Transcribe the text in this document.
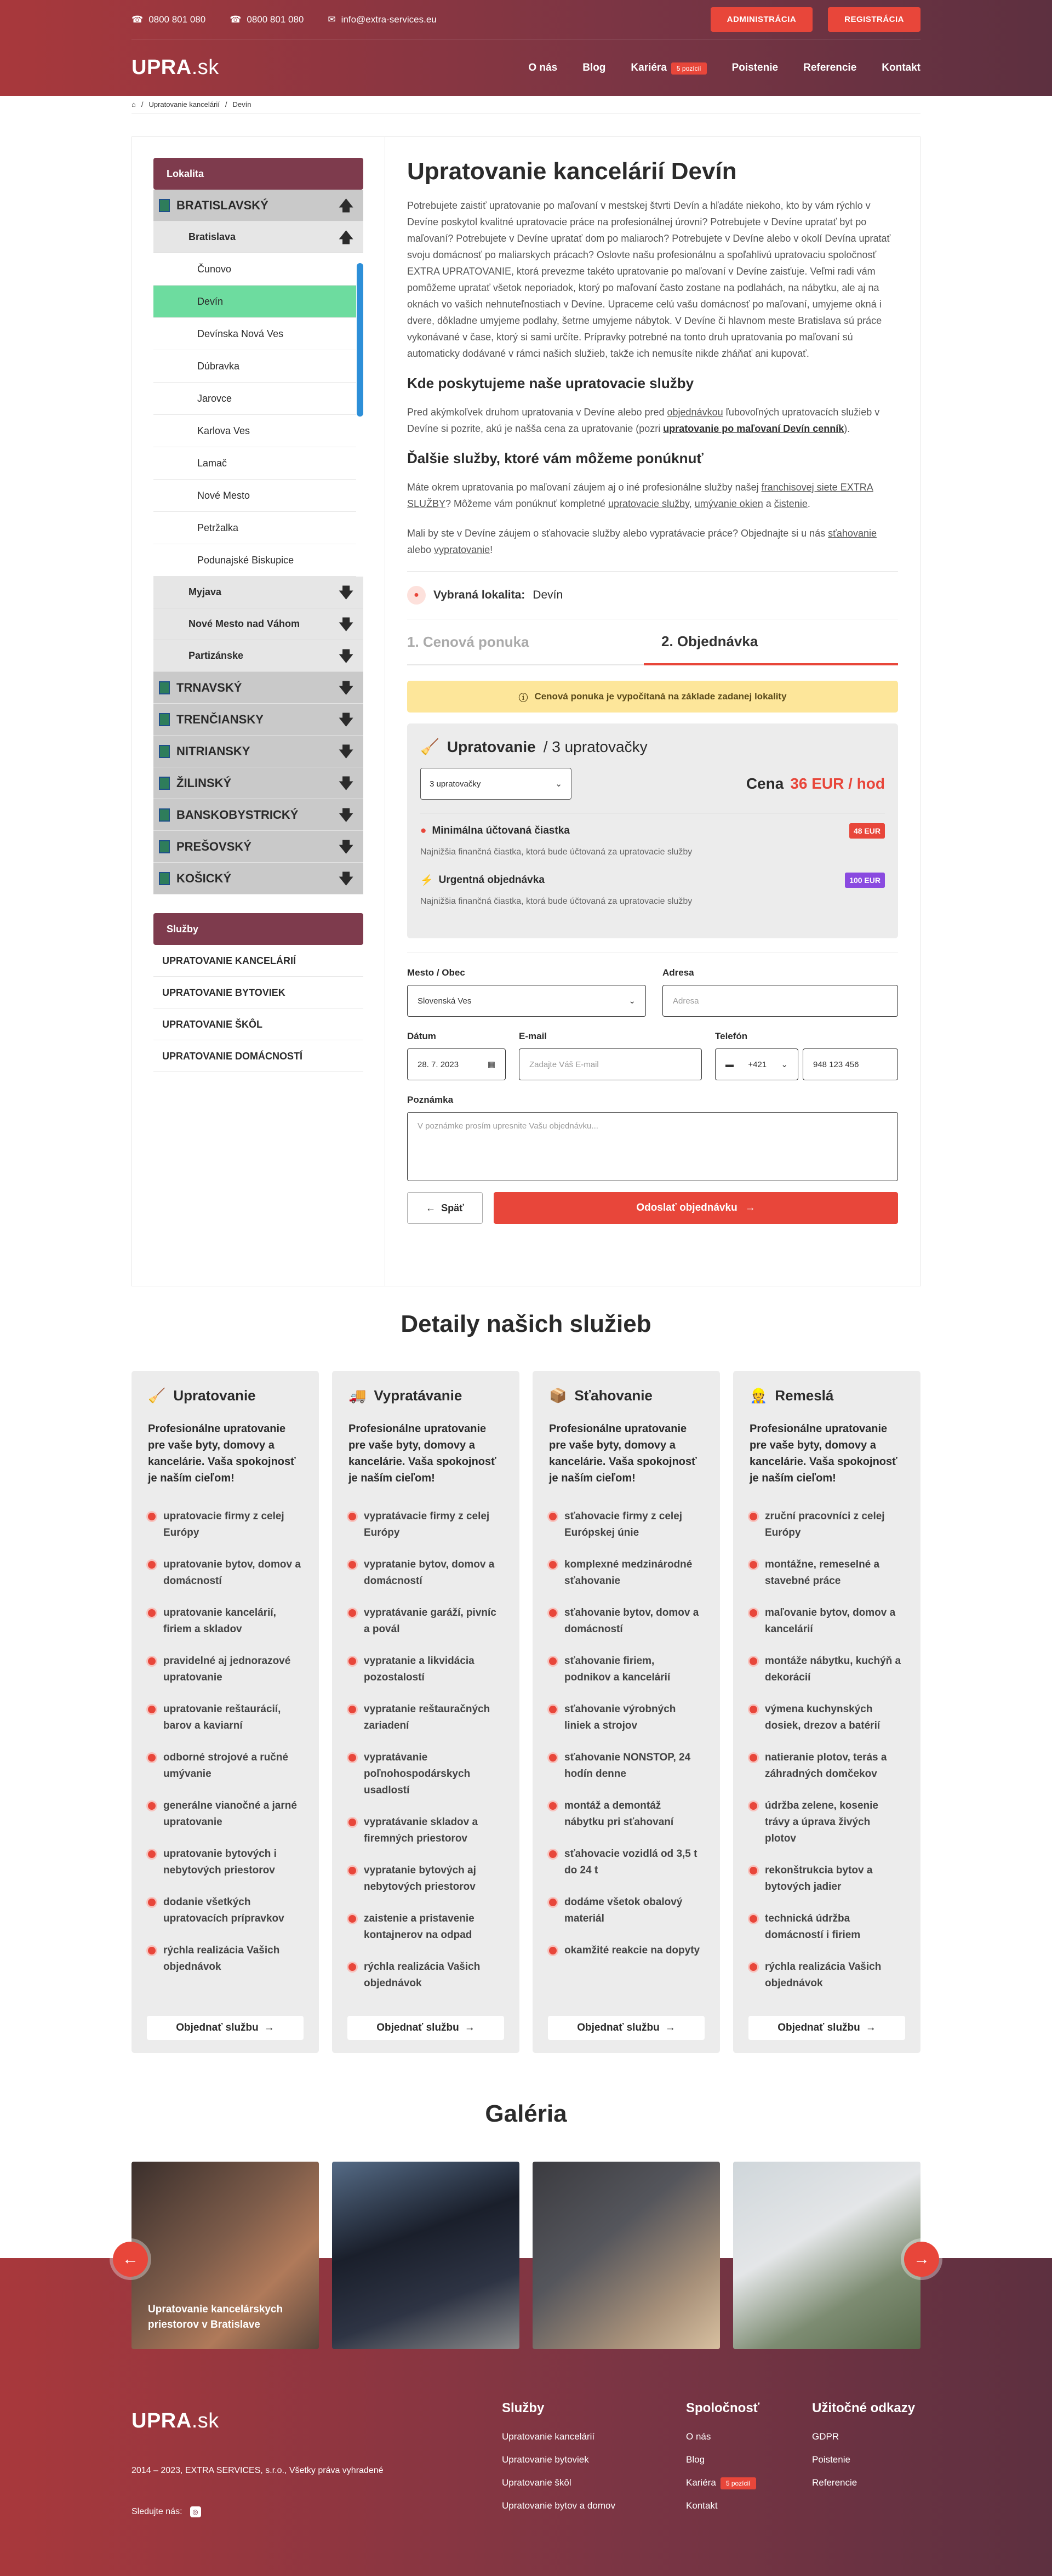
☎ 0800 801 080	☎ 0800 801 080	✉ info@extra-services.eu	ADMINISTRÁCIA	REGISTRÁCIA
UPRA.sk	O nás Blog Kariéra 5 pozícií	Poistenie Referencie Kontakt
⌂ / Upratovanie kancelárií / Devín
Lokalita
BRATISLAVSKÝ	🡅
Bratislava	🡅
Čunovo
Devín
Devínska Nová Ves
Dúbravka
Jarovce
Karlova Ves
Lamač
Nové Mesto
Petržalka
Podunajské Biskupice
Myjava	🡇
Nové Mesto nad Váhom	🡇
Partizánske	🡇
TRNAVSKÝ	🡇
TRENČIANSKY	🡇
NITRIANSKY	🡇
ŽILINSKÝ	🡇
BANSKOBYSTRICKÝ	🡇
PREŠOVSKÝ	🡇
KOŠICKÝ	🡇
Služby
UPRATOVANIE KANCELÁRIÍ
UPRATOVANIE BYTOVIEK
UPRATOVANIE ŠKÔL
UPRATOVANIE DOMÁCNOSTÍ
Upratovanie kancelárií Devín

Potrebujete zaistiť upratovanie po maľovaní v mestskej štvrti Devín a hľadáte niekoho, kto by vám rýchlo v Devíne poskytol kvalitné upratovacie práce na profesionálnej úrovni? Potrebujete v Devíne upratať byt po maľovaní? Potrebujete v Devíne upratať dom po maliaroch? Potrebujete v Devíne alebo v okolí Devína upratať svoju domácnosť po maliarskych prácach? Oslovte našu profesionálnu a spoľahlivú upratovaciu spoločnosť EXTRA UPRATOVANIE, ktorá prevezme takéto upratovanie po maľovaní v Devíne zaisťuje. Veľmi radi vám pomôžeme upratať všetok neporiadok, ktorý po maľovaní často zostane na podlahách, na nábytku, ale aj na oknách vo vašich nehnuteľnostiach v Devíne. Upraceme celú vašu domácnosť po maľovaní, umyjeme okná i dvere, dôkladne umyjeme podlahy, šetrne umyjeme nábytok. V Devíne či hlavnom meste Bratislava sú práce vykonávané v čase, ktorý si sami určíte. Prípravky potrebné na tonto druh upratovania po maľovaní sú automaticky dodávané v rámci našich služieb, takže ich nemusíte nikde zháňať ani kupovať.

Kde poskytujeme naše upratovacie služby

Pred akýmkoľvek druhom upratovania v Devíne alebo pred objednávkou ľubovoľných upratovacích služieb v Devíne si pozrite, akú je našša cena za upratovanie (pozri upratovanie po maľovaní Devín cenník).

Ďalšie služby, ktoré vám môžeme ponúknuť

Máte okrem upratovania po maľovaní záujem aj o iné profesionálne služby našej franchisovej siete EXTRA SLUŽBY? Môžeme vám ponúknuť kompletné upratovacie služby, umývanie okien a čistenie.

Mali by ste v Devíne záujem o sťahovacie služby alebo vypratávacie práce? Objednajte si u nás sťahovanie alebo vypratovanie!

●	Vybraná lokalita: Devín
1. Cenová ponuka	2. Objednávka
ⓘ Cenová ponuka je vypočítaná na základe zadanej lokality
🧹 Upratovanie / 3 upratovačky
3 upratovačky	⌄	Cena 36 EUR / hod
● Minimálna účtovaná čiastka	48 EUR
Najnižšia finančná čiastka, ktorá bude účtovaná za upratovacie služby
⚡ Urgentná objednávka	100 EUR
Najnižšia finančná čiastka, ktorá bude účtovaná za upratovacie služby
Mesto / Obec
Slovenská Ves	⌄
Adresa
Adresa
Dátum
28. 7. 2023	▦
E-mail
Zadajte Váš E-mail
Telefón
▬ +421 ⌄	948 123 456
Poznámka
V poznámke prosím upresnite Vašu objednávku...
← Späť	Odoslať objednávku →
Detaily našich služieb
🧹 Upratovanie
Profesionálne upratovanie pre vaše byty, domovy a kancelárie. Vaša spokojnosť je naším cieľom!
upratovacie firmy z celej Európy
upratovanie bytov, domov a domácností
upratovanie kancelárií, firiem a skladov
pravidelné aj jednorazové upratovanie
upratovanie reštaurácií, barov a kaviarní
odborné strojové a ručné umývanie
generálne vianočné a jarné upratovanie
upratovanie bytových i nebytových priestorov
dodanie všetkých upratovacích prípravkov
rýchla realizácia Vašich objednávok
Objednať službu →
🚚 Vypratávanie
Profesionálne upratovanie pre vaše byty, domovy a kancelárie. Vaša spokojnosť je naším cieľom!
vypratávacie firmy z celej Európy
vypratanie bytov, domov a domácností
vypratávanie garáží, pivníc a povál
vypratanie a likvidácia pozostalostí
vypratanie reštauračných zariadení
vypratávanie poľnohospodárskych usadlostí
vypratávanie skladov a firemných priestorov
vypratanie bytových aj nebytových priestorov
zaistenie a pristavenie kontajnerov na odpad
rýchla realizácia Vašich objednávok
Objednať službu →
📦 Sťahovanie
Profesionálne upratovanie pre vaše byty, domovy a kancelárie. Vaša spokojnosť je naším cieľom!
sťahovacie firmy z celej Európskej únie
komplexné medzinárodné sťahovanie
sťahovanie bytov, domov a domácností
sťahovanie firiem, podnikov a kancelárií
sťahovanie výrobných liniek a strojov
sťahovanie NONSTOP, 24 hodín denne
montáž a demontáž nábytku pri sťahovaní
sťahovacie vozidlá od 3,5 t do 24 t
dodáme všetok obalový materiál
okamžité reakcie na dopyty
Objednať službu →
👷 Remeslá
Profesionálne upratovanie pre vaše byty, domovy a kancelárie. Vaša spokojnosť je naším cieľom!
zruční pracovníci z celej Európy
montážne, remeselné a stavebné práce
maľovanie bytov, domov a kancelárií
montáže nábytku, kuchýň a dekorácií
výmena kuchynských dosiek, drezov a batérií
natieranie plotov, terás a záhradných domčekov
údržba zelene, kosenie trávy a úprava živých plotov
rekonštrukcia bytov a bytových jadier
technická údržba domácností i firiem
rýchla realizácia Vašich objednávok
Objednať službu →
Galéria
Upratovanie kancelárskych priestorov v Bratislave
←	→
UPRA.sk
2014 – 2023, EXTRA SERVICES, s.r.o., Všetky práva vyhradené
Sledujte nás:	◎
Služby
Upratovanie kancelárií
Upratovanie bytoviek
Upratovanie škôl
Upratovanie bytov a domov
Spoločnosť
O nás
Blog
Kariéra 5 pozícií
Kontakt
Užitočné odkazy
GDPR
Poistenie
Referencie
